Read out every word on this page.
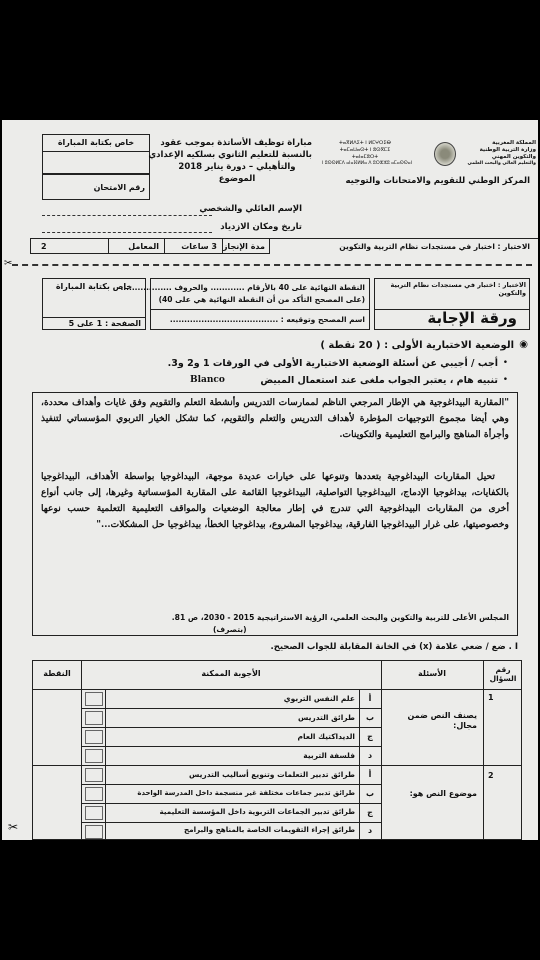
خاص بكتابة المباراة
رقم الامتحان
مباراة توظيف الأساتذة بموجب عقود
بالنسبة للتعليم الثانوي بسلكيه الإعدادي
والتأهيلي – دورة يناير 2018
الموضوع
ⵜⴰⴳⵍⴷⵉⵜ ⵏ ⵍⵎⵖⵔⵉⴱ
ⵜⴰⵎⴰⵡⴰⵙⵜ ⵏ ⵓⵙⴳⵎⵉ
ⵜⴰⵏⴰⵎⵓⵔⵜ
ⵏ ⵓⵙⵙⵍⵎⴷ ⴰⵏⴰⴼⵍⵍⴰ ⴷ ⵓⵔⵣⵣⵓ ⴰⵎⴰⵙⵙⴰⵏ
المملكة المغربية
وزارة التربية الوطنية
والتكوين المهني
والتعليم العالي والبحث العلمي
المركز الوطني للتقويم والامتحانات والتوجيه
الإسم العائلي والشخصي
تاريخ ومكان الازدياد
الاختبار : اختبار في مستجدات نظام التربية والتكوين
مدة الإنجاز
3 ساعات
المعامل
2
✂
خاص بكتابة المباراة
الصفحة : 1 على 5
النقطة النهائية على 40 بالأرقام ............ والحروف ..................
(على المصحح التأكد من أن النقطة النهائية هي على 40)
اسم المصحح وتوقيعه : ......................................
الاختبار : اختبار في مستجدات نظام التربية والتكوين
ورقة الإجابة
◉
الوضعية الاختبارية الأولى : ( 20 نقطة )
•
أجب / أجيبي عن أسئلة الوضعية الاختبارية الأولى في الورقات 1 و2 و3.
•
تنبيه هام ، يعتبر الجواب ملغى عند استعمال المبيض
Blanco
"المقاربة البيداغوجية هي الإطار المرجعي الناظم لممارسات التدريس وأنشطة التعلم والتقويم وفق غايات وأهداف محددة، وهي أيضا مجموع التوجيهات المؤطرة لأهداف التدريس والتعلم والتقويم، كما تشكل الخيار التربوي المؤسساتي لتنفيذ وأجرأة المناهج والبرامج التعليمية والتكوينات.
تحيل المقاربات البيداغوجية بتعددها وتنوعها على خيارات عديدة موجهة، البيداغوجيا بواسطة الأهداف، البيداغوجيا بالكفايات، بيداغوجيا الإدماج، البيداغوجيا التواصلية، البيداغوجيا القائمة على المقاربة المؤسساتية وغيرها، إلى جانب أنواع أخرى من المقاربات البيداغوجية التي تندرج في إطار معالجة الوضعيات والمواقف التعليمية التعلمية حسب نوعها وخصوصيتها، على غرار البيداغوجيا الفارقية، بيداغوجيا المشروع، بيداغوجيا الخطأ، بيداغوجيا حل المشكلات..."
المجلس الأعلى للتربية والتكوين والبحث العلمي، الرؤية الاستراتيجية 2015 - 2030، ص 81.
(بتصرف)
I . ضع / ضعي علامة (x) في الخانة المقابلة للجواب الصحيح.
رقم السؤال
الأسئلة
الأجوبة الممكنة
النقطة
1
يصنف النص ضمن مجال:
أ
علم النفس التربوي
ب
طرائق التدريس
ج
الديداكتيك العام
د
فلسفة التربية
2
موضوع النص هو:
أ
طرائق تدبير التعلمات وتنويع أساليب التدريس
ب
طرائق تدبير جماعات مختلفة غير منسجمة داخل المدرسة الواحدة
ج
طرائق تدبير الجماعات التربوية داخل المؤسسة التعليمية
د
طرائق إجراء التقويمات الخاصة بالمناهج والبرامج
✂
